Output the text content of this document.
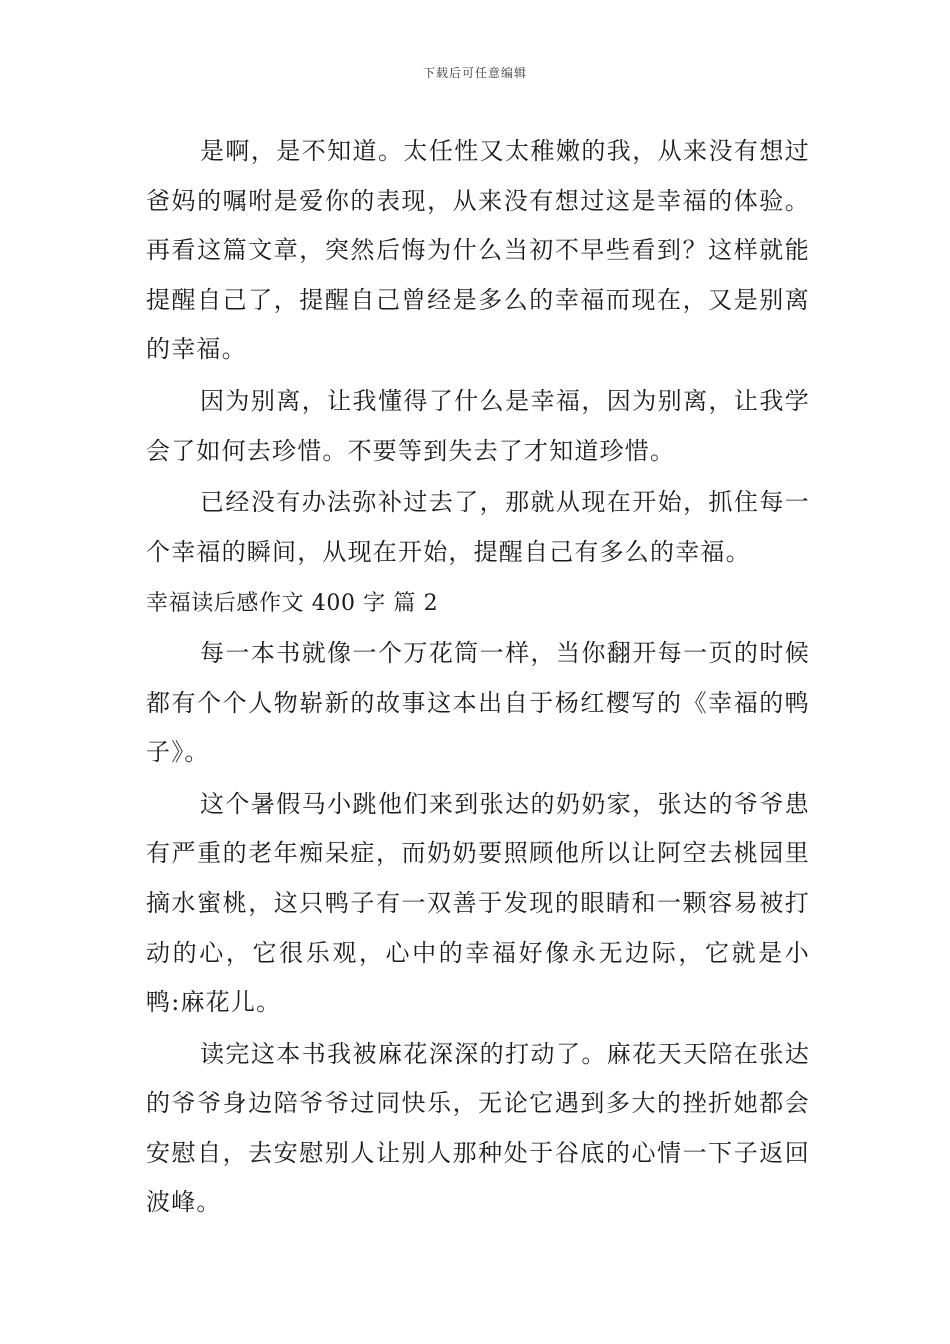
下载后可任意编辑

是啊，是不知道。太任性又太稚嫩的我，从来没有想过爸妈的嘱咐是爱你的表现，从来没有想过这是幸福的体验。再看这篇文章，突然后悔为什么当初不早些看到？这样就能提醒自己了，提醒自己曾经是多么的幸福而现在，又是别离的幸福。

因为别离，让我懂得了什么是幸福，因为别离，让我学会了如何去珍惜。不要等到失去了才知道珍惜。

已经没有办法弥补过去了，那就从现在开始，抓住每一个幸福的瞬间，从现在开始，提醒自己有多么的幸福。

幸福读后感作文 400 字 篇 2

每一本书就像一个万花筒一样，当你翻开每一页的时候都有个个人物崭新的故事这本出自于杨红樱写的《幸福的鸭子》。

这个暑假马小跳他们来到张达的奶奶家，张达的爷爷患有严重的老年痴呆症，而奶奶要照顾他所以让阿空去桃园里摘水蜜桃，这只鸭子有一双善于发现的眼睛和一颗容易被打动的心，它很乐观，心中的幸福好像永无边际，它就是小鸭:麻花儿。

读完这本书我被麻花深深的打动了。麻花天天陪在张达的爷爷身边陪爷爷过同快乐，无论它遇到多大的挫折她都会安慰自，去安慰别人让别人那种处于谷底的心情一下子返回波峰。
